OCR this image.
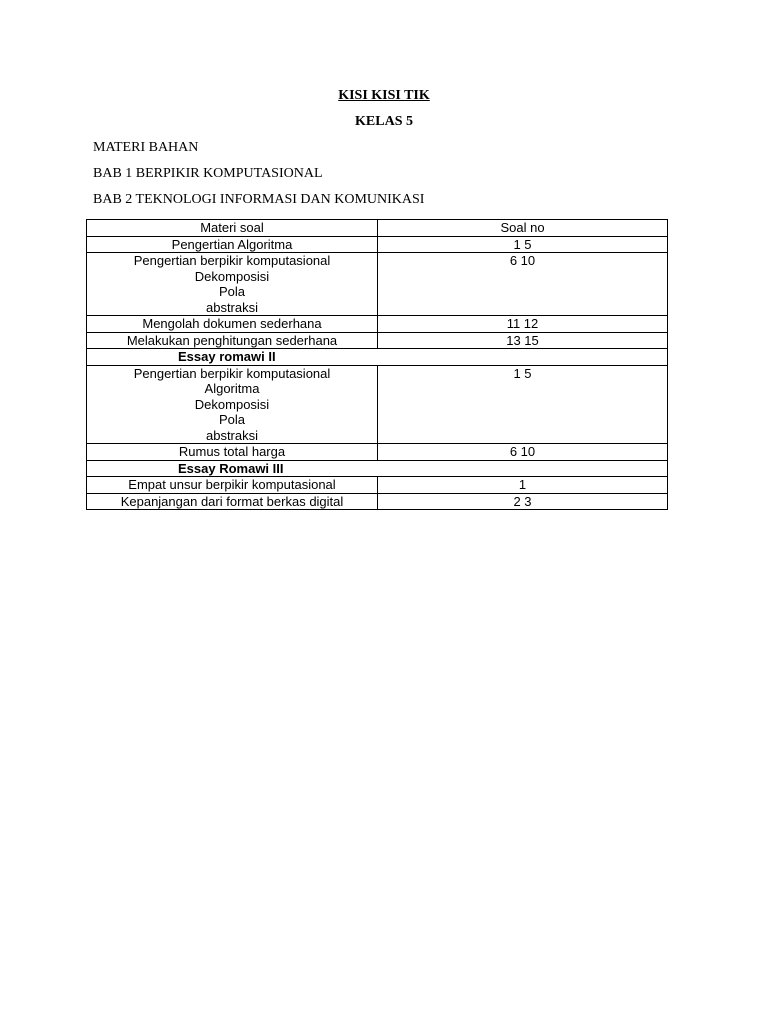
KISI KISI TIK
KELAS 5
MATERI BAHAN
BAB 1 BERPIKIR KOMPUTASIONAL
BAB 2 TEKNOLOGI INFORMASI DAN KOMUNIKASI
Materi soal	Soal no
Pengertian Algoritma	1 5

Pengertian berpikir komputasional
Dekomposisi
Pola
abstraksi	6 10
Mengolah dokumen sederhana	11 12
Melakukan penghitungan sederhana	13 15
Essay romawi II	

Pengertian berpikir komputasional
Algoritma
Dekomposisi
Pola
abstraksi	1 5
Rumus total harga	6 10
Essay Romawi III	
Empat unsur berpikir komputasional	1
Kepanjangan dari format berkas digital	2 3
